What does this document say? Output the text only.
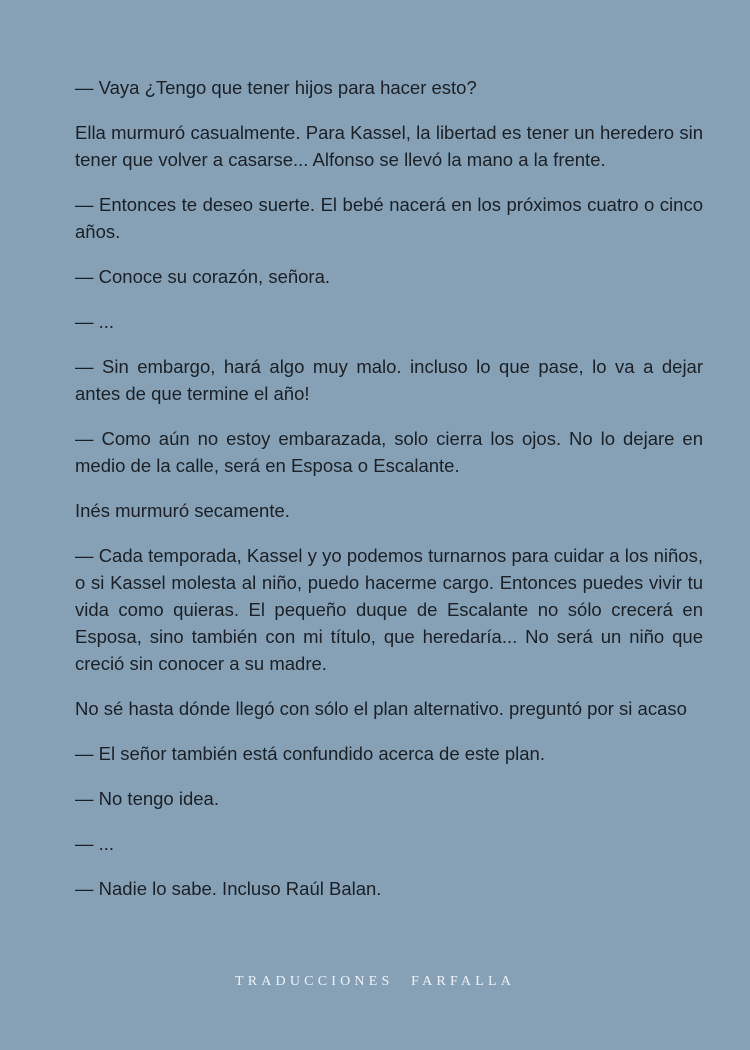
— Vaya ¿Tengo que tener hijos para hacer esto?

Ella murmuró casualmente. Para Kassel, la libertad es tener un heredero sin tener que volver a casarse... Alfonso se llevó la mano a la frente.

— Entonces te deseo suerte. El bebé nacerá en los próximos cuatro o cinco años.

— Conoce su corazón, señora.

— ...

— Sin embargo, hará algo muy malo. incluso lo que pase, lo va a dejar antes de que termine el año!

— Como aún no estoy embarazada, solo cierra los ojos. No lo dejare en medio de la calle, será en Esposa o Escalante.

Inés murmuró secamente.

— Cada temporada, Kassel y yo podemos turnarnos para cuidar a los niños, o si Kassel molesta al niño, puedo hacerme cargo. Entonces puedes vivir tu vida como quieras. El pequeño duque de Escalante no sólo crecerá en Esposa, sino también con mi título, que heredaría... No será un niño que creció sin conocer a su madre.

No sé hasta dónde llegó con sólo el plan alternativo. preguntó por si acaso

— El señor también está confundido acerca de este plan.

— No tengo idea.

— ...

— Nadie lo sabe. Incluso Raúl Balan.

TRADUCCIONES FARFALLA
